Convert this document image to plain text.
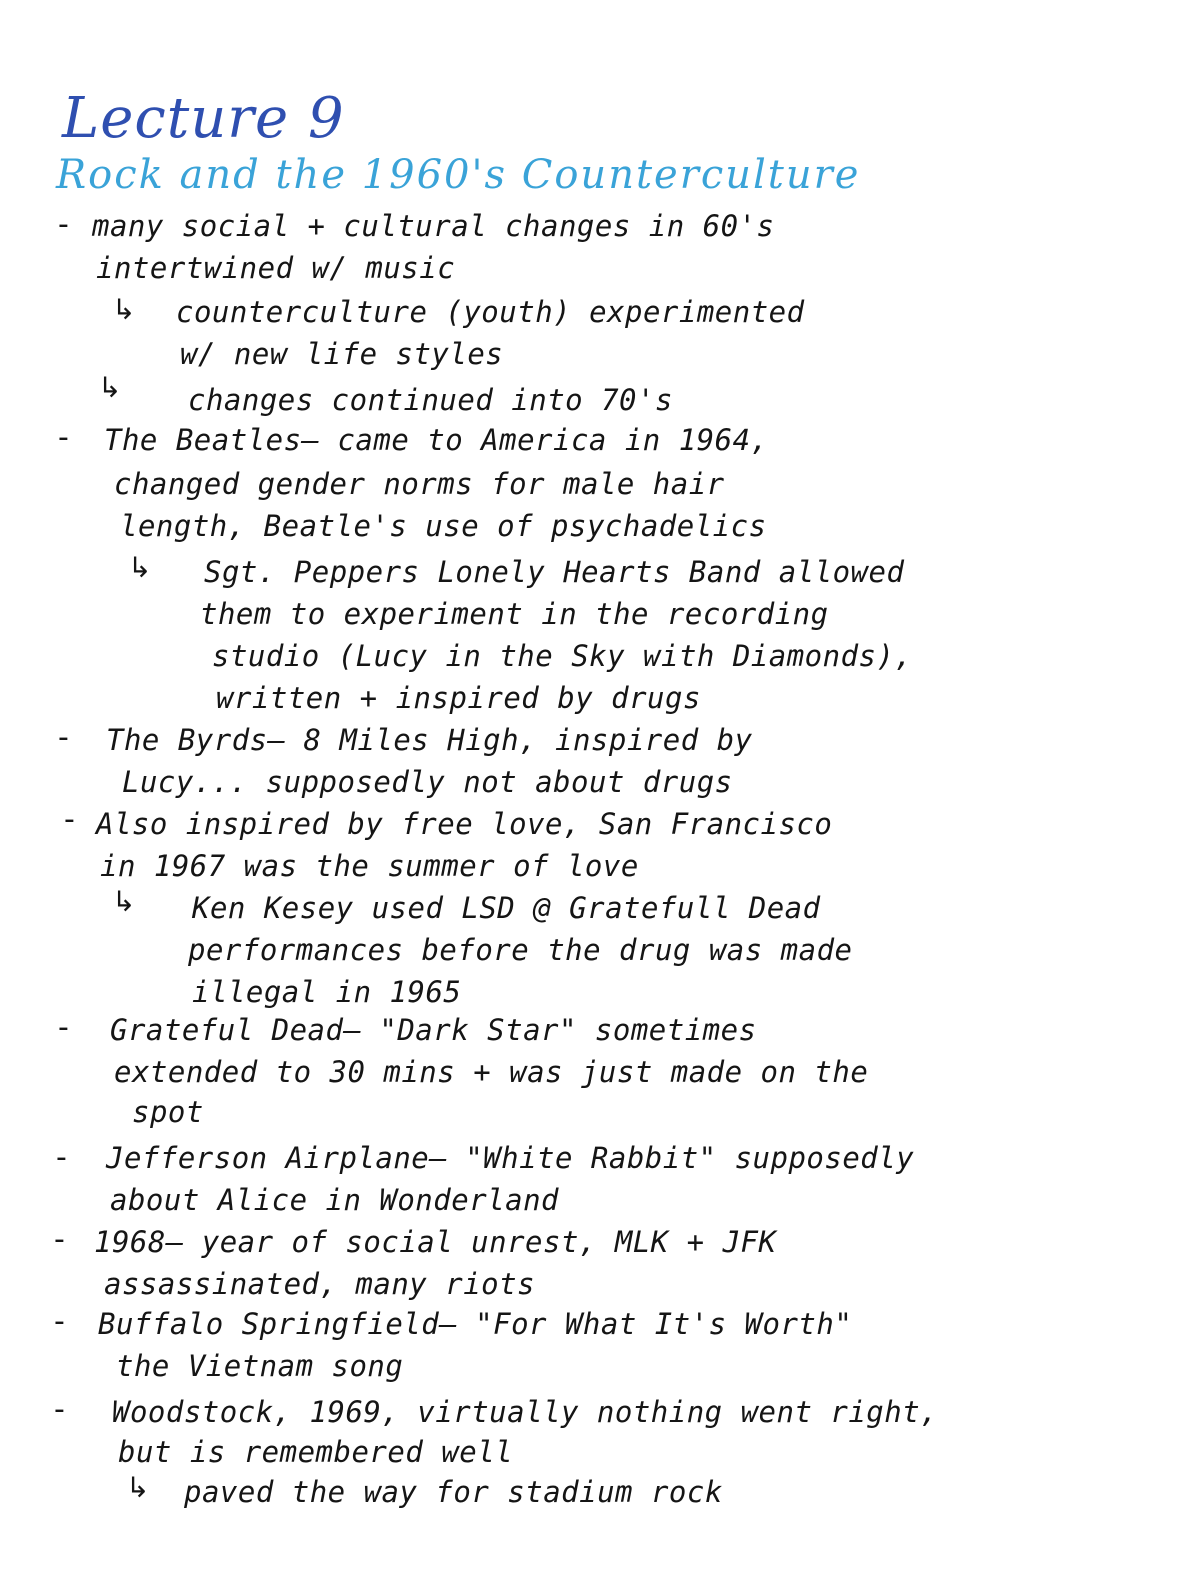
Lecture 9
Rock and the 1960's Counterculture
- many social + cultural changes in 60's
intertwined w/ music
↳ counterculture (youth) experimented
w/ new life styles
↳ changes continued into 70's
- The Beatles— came to America in 1964,
changed gender norms for male hair
length, Beatle's use of psychadelics
↳ Sgt. Peppers Lonely Hearts Band allowed
them to experiment in the recording
studio (Lucy in the Sky with Diamonds),
written + inspired by drugs
- The Byrds— 8 Miles High, inspired by
Lucy... supposedly not about drugs
- Also inspired by free love, San Francisco
in 1967 was the summer of love
↳ Ken Kesey used LSD @ Gratefull Dead
performances before the drug was made
illegal in 1965
- Grateful Dead— "Dark Star" sometimes
extended to 30 mins + was just made on the
spot
- Jefferson Airplane— "White Rabbit" supposedly
about Alice in Wonderland
- 1968— year of social unrest, MLK + JFK
assassinated, many riots
- Buffalo Springfield— "For What It's Worth"
the Vietnam song
- Woodstock, 1969, virtually nothing went right,
but is remembered well
↳ paved the way for stadium rock
